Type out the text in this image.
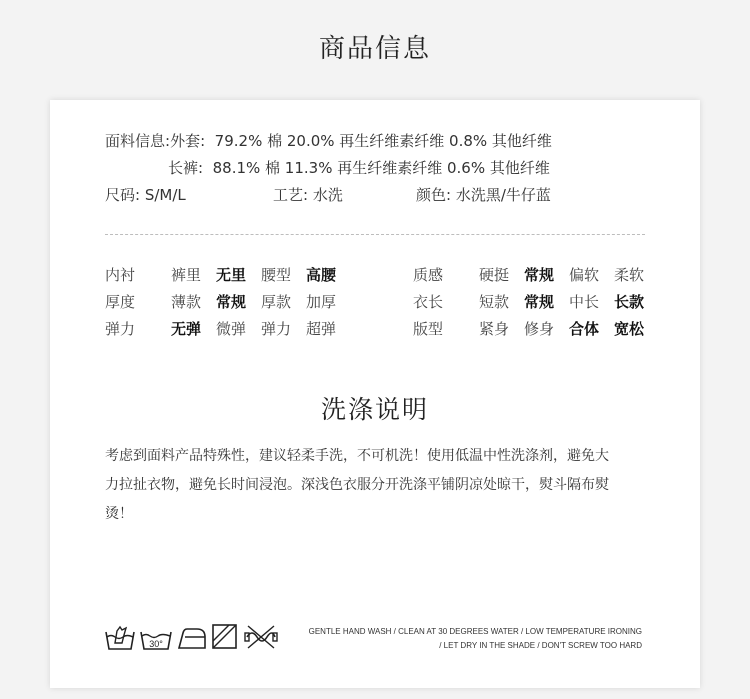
商品信息
面料信息:外套: 79.2% 棉 20.0% 再生纤维素纤维 0.8% 其他纤维
长裤: 88.1% 棉 11.3% 再生纤维素纤维 0.6% 其他纤维
尺码: S/M/L	工艺: 水洗	颜色: 水洗黑/牛仔蓝
内衬 裤里 无里 腰型 高腰
厚度 薄款 常规 厚款 加厚
弹力 无弹 微弹 弹力 超弹
质感 硬挺 常规 偏软 柔软
衣长 短款 常规 中长 长款
版型 紧身 修身 合体 宽松
洗涤说明
考虑到面料产品特殊性，建议轻柔手洗，不可机洗！使用低温中性洗涤剂，避免大
力拉扯衣物，避免长时间浸泡。深浅色衣服分开洗涤平铺阴凉处晾干，熨斗隔布熨
烫！
30°
GENTLE HAND WASH / CLEAN AT 30 DEGREES WATER / LOW TEMPERATURE IRONING
/ LET DRY IN THE SHADE / DON'T SCREW TOO HARD
